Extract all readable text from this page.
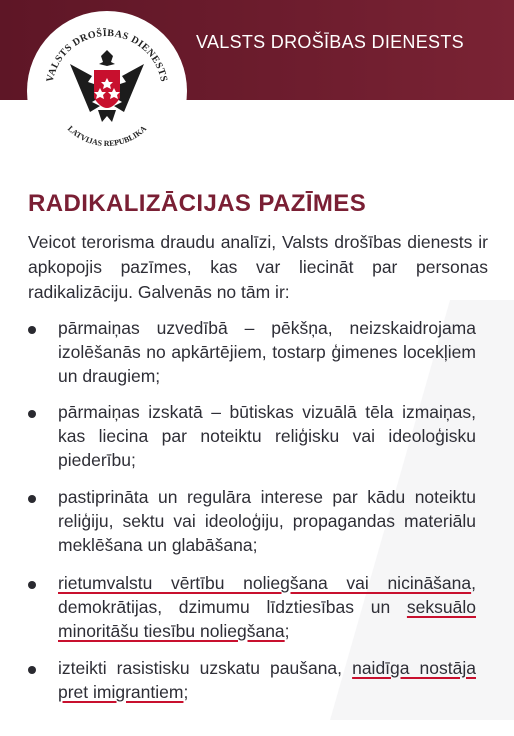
VALSTS DROŠĪBAS DIENESTS
VALSTS DROŠĪBAS DIENESTS
LATVIJAS REPUBLIKA
RADIKALIZĀCIJAS PAZĪMES

Veicot terorisma draudu analīzi, Valsts drošības dienests ir apkopojis pazīmes, kas var liecināt par personas radikalizāciju. Galvenās no tām ir:

pārmaiņas uzvedībā – pēkšņa, neizskaidrojama izolēšanās no apkārtējiem, tostarp ģimenes locekļiem un draugiem;

pārmaiņas izskatā – būtiskas vizuālā tēla izmaiņas, kas liecina par noteiktu reliģisku vai ideoloģisku piederību;

pastiprināta un regulāra interese par kādu noteiktu reliģiju, sektu vai ideoloģiju, propagandas materiālu meklēšana un glabāšana;

rietumvalstu vērtību noliegšana vai nicināšana, demokrātijas, dzimumu līdztiesības un seksuālo minoritāšu tiesību noliegšana;

izteikti rasistisku uzskatu paušana, naidīga nostāja pret imigrantiem;
